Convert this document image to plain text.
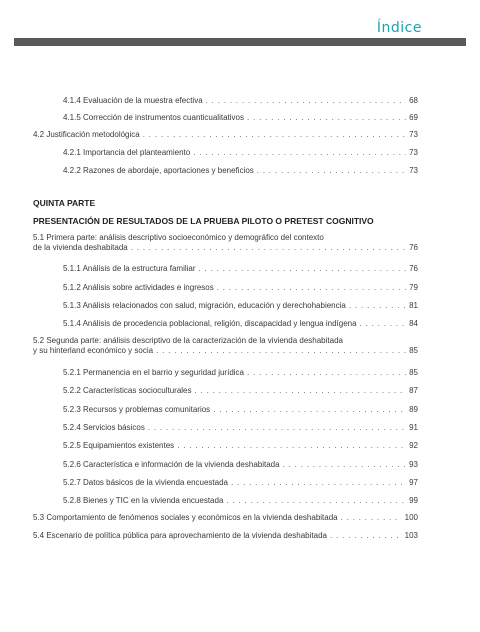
Índice
4.1.4 Evaluación de la muestra efectiva . . .	68
4.1.5 Corrección de instrumentos cuanticualitativos . . .	69
4.2 Justificación metodológica . . .	73
4.2.1 Importancia del planteamiento . . .	73
4.2.2 Razones de abordaje, aportaciones y beneficios . . .	73
QUINTA PARTE
PRESENTACIÓN DE RESULTADOS DE LA PRUEBA PILOTO O PRETEST COGNITIVO
5.1 Primera parte: análisis descriptivo socioeconómico y demográfico del contexto
de la vivienda deshabitada . . .	76
5.1.1 Análisis de la estructura familiar . . .	76
5.1.2 Análisis sobre actividades e ingresos . . .	79
5.1.3 Análisis relacionados con salud, migración, educación y derechohabiencia . . .	81
5.1.4 Análisis de procedencia poblacional, religión, discapacidad y lengua indígena . . .	84
5.2 Segunda parte: análisis descriptivo de la caracterización de la vivienda deshabitada
y su hinterland económico y socia . . .	85
5.2.1 Permanencia en el barrio y seguridad jurídica . . .	85
5.2.2 Características socioculturales . . .	87
5.2.3 Recursos y problemas comunitarios . . .	89
5.2.4 Servicios básicos . . .	91
5.2.5 Equipamientos existentes . . .	92
5.2.6 Característica e información de la vivienda deshabitada . . .	93
5.2.7 Datos básicos de la vivienda encuestada . . .	97
5.2.8 Bienes y TIC en la vivienda encuestada . . .	99
5.3 Comportamiento de fenómenos sociales y económicos en la vivienda deshabitada . . .	100
5.4 Escenario de política pública para aprovechamiento de la vivienda deshabitada . . .	103
